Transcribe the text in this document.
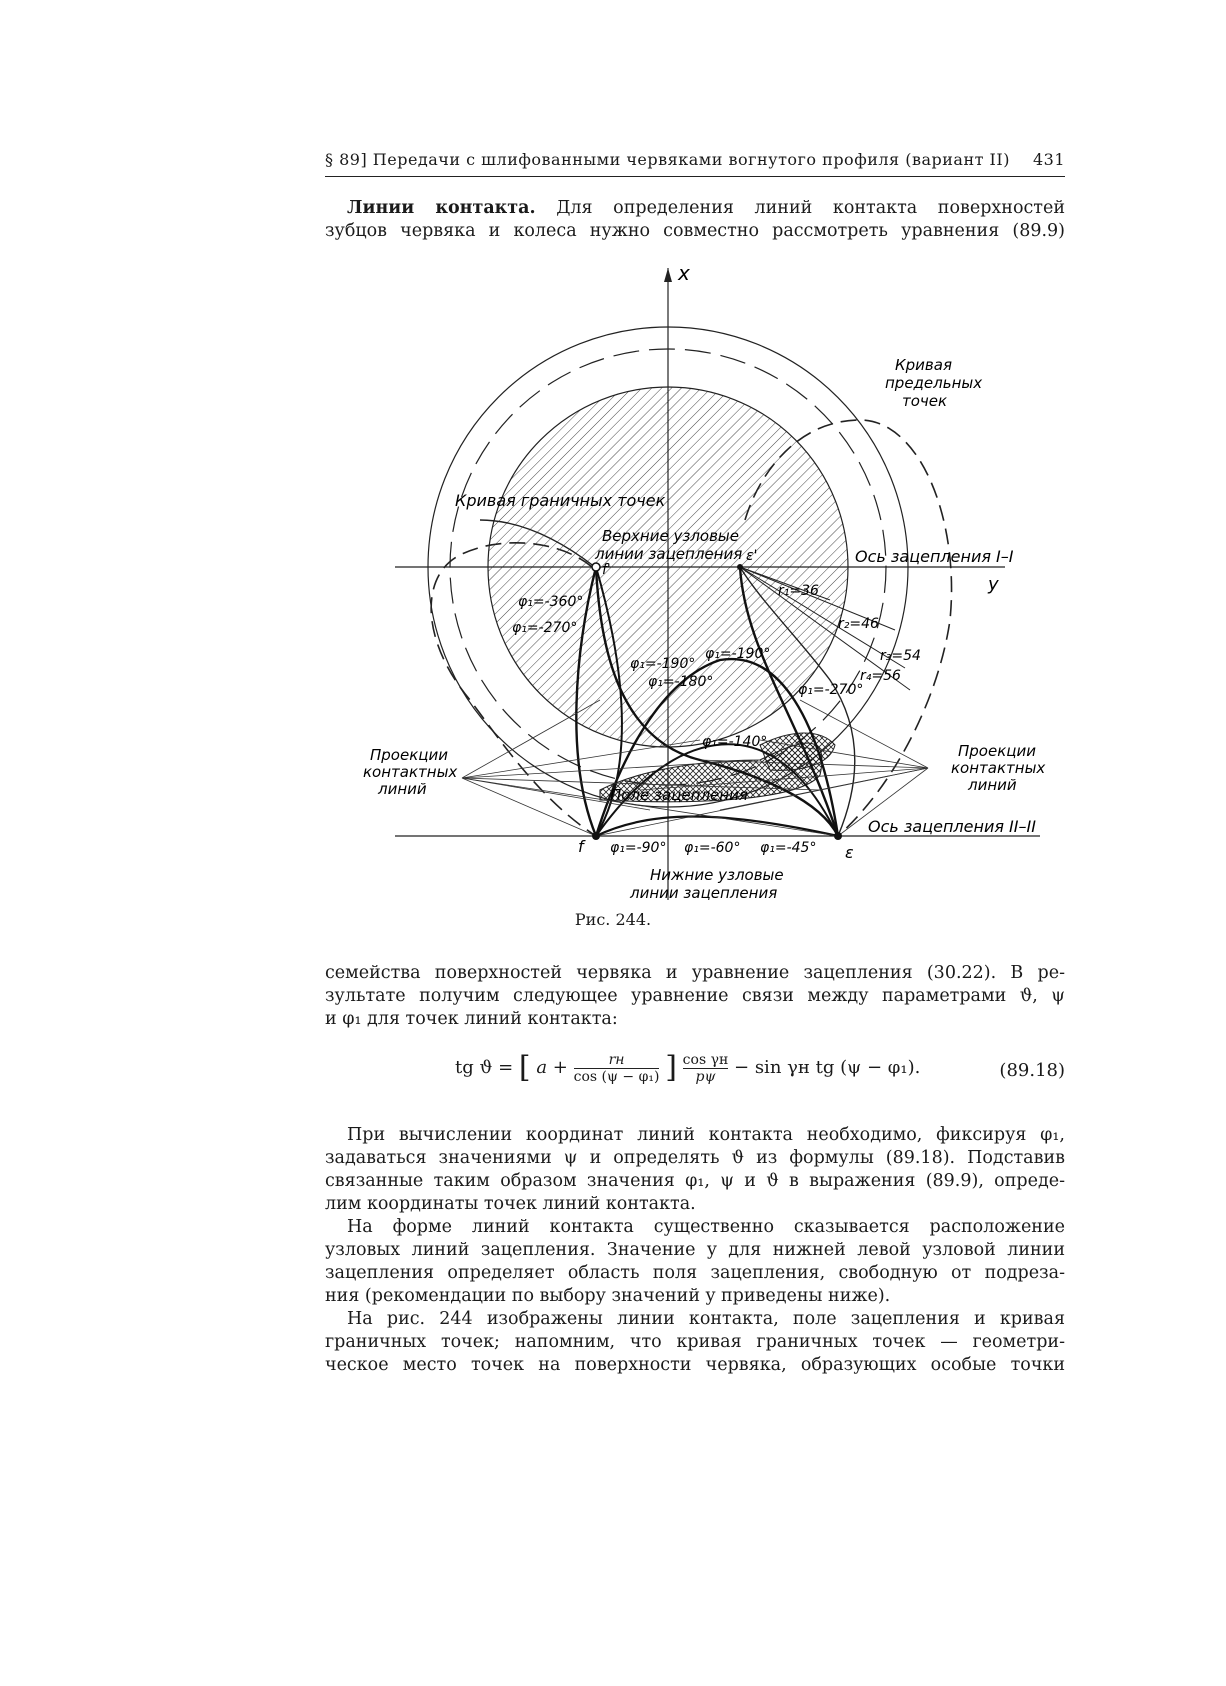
§ 89] Передачи с шлифованными червяками вогнутого профиля (вариант II) 431
Линии контакта. Для определения линий контакта поверхностей
зубцов червяка и колеса нужно совместно рассмотреть уравнения (89.9)
x
y
Кривая
предельных
точек
Кривая граничных точек
Верхние узловые
линии зацепления	Ось зацепления I–I
Ось зацепления II–II
Проекции
контактных
линий
Проекции
контактных
линий
Поле зацепления
Нижние узловые
линии зацепления
f
f'
ε
ε'
r₁=36
r₂=46
r₃=54
r₄=56
φ₁=-360°
φ₁=-270°
φ₁=-190°
φ₁=-180°
φ₁=-190°
φ₁=-270°
φ₁=-140°
φ₁=-90° φ₁=-60° φ₁=-45°
Рис. 244.
семейства поверхностей червяка и уравнение зацепления (30.22). В ре-
зультате получим следующее уравнение связи между параметрами ϑ, ψ
и φ₁ для точек линий контакта:
tg ϑ = [ a +	rн
cos (ψ − φ₁) ] cos γн
pψ	− sin γн tg (ψ − φ₁).	(89.18)
При вычислении координат линий контакта необходимо, фиксируя φ₁,
задаваться значениями ψ и определять ϑ из формулы (89.18). Подставив
связанные таким образом значения φ₁, ψ и ϑ в выражения (89.9), опреде-
лим координаты точек линий контакта.
На форме линий контакта существенно сказывается расположение
узловых линий зацепления. Значение y для нижней левой узловой линии
зацепления определяет область поля зацепления, свободную от подреза-
ния (рекомендации по выбору значений y приведены ниже).
На рис. 244 изображены линии контакта, поле зацепления и кривая
граничных точек; напомним, что кривая граничных точек — геометри-
ческое место точек на поверхности червяка, образующих особые точки
